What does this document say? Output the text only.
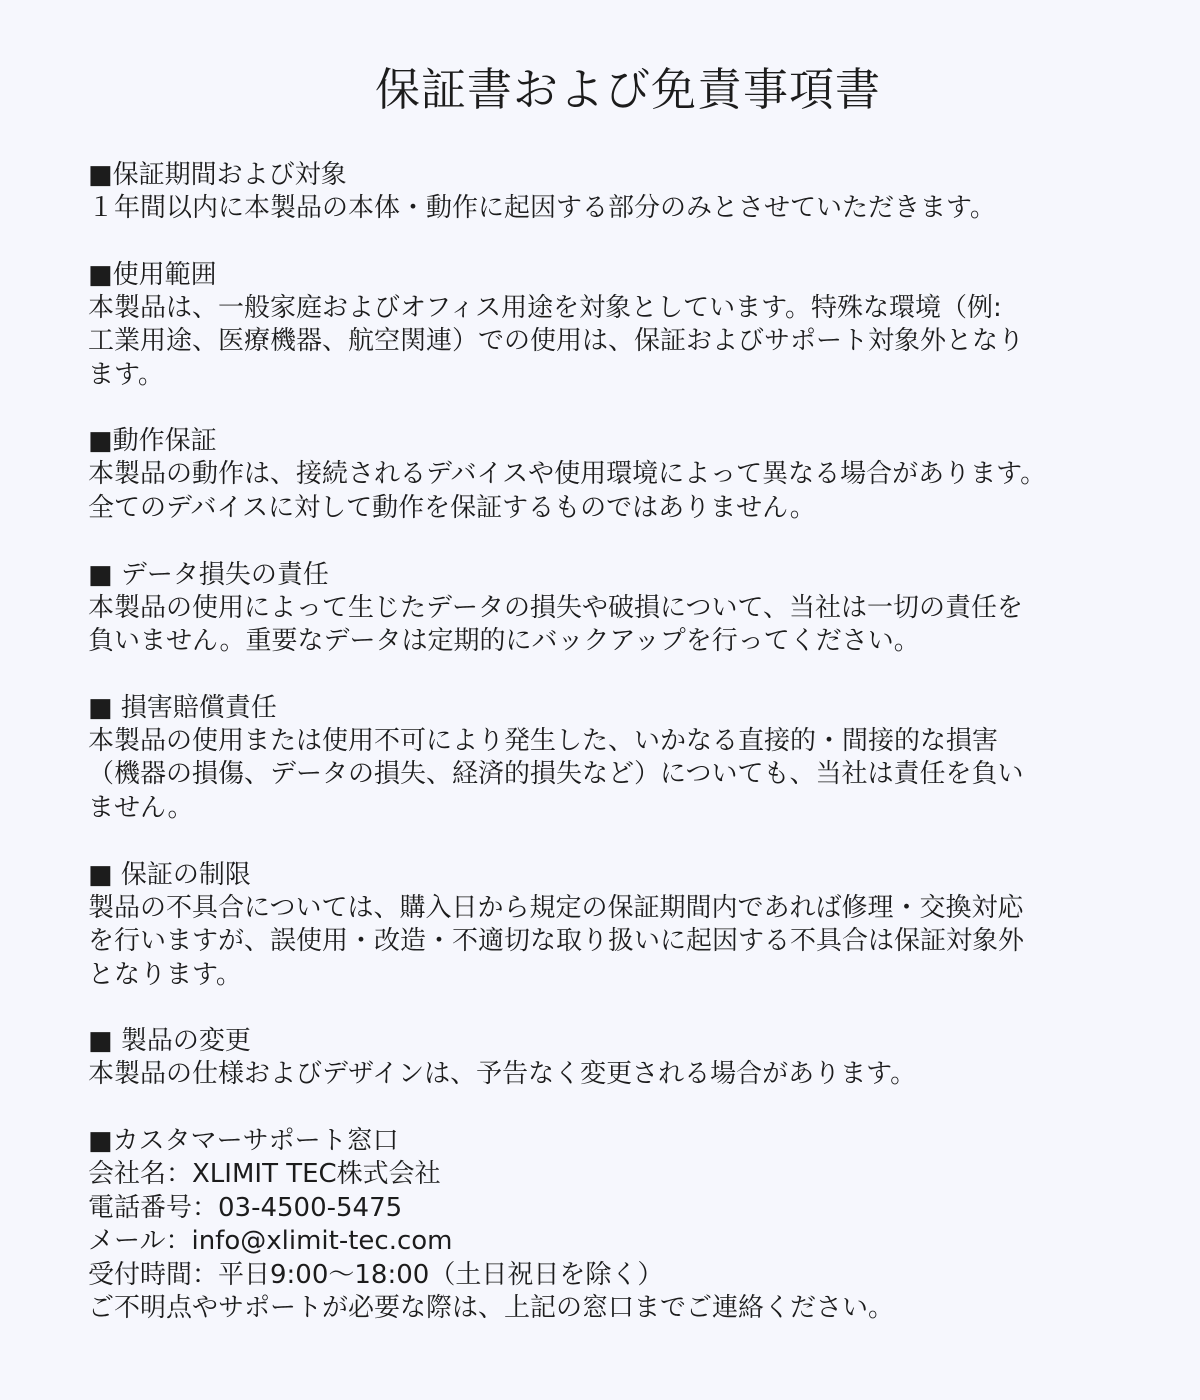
保証書および免責事項書

■保証期間および対象

１年間以内に本製品の本体・動作に起因する部分のみとさせていただきます。

■使用範囲

本製品は、一般家庭およびオフィス用途を対象としています。特殊な環境（例:

工業用途、医療機器、航空関連）での使用は、保証およびサポート対象外となり

ます。

■動作保証

本製品の動作は、接続されるデバイスや使用環境によって異なる場合があります。

全てのデバイスに対して動作を保証するものではありません。

■ データ損失の責任

本製品の使用によって生じたデータの損失や破損について、当社は一切の責任を

負いません。重要なデータは定期的にバックアップを行ってください。

■ 損害賠償責任

本製品の使用または使用不可により発生した、いかなる直接的・間接的な損害

（機器の損傷、データの損失、経済的損失など）についても、当社は責任を負い

ません。

■ 保証の制限

製品の不具合については、購入日から規定の保証期間内であれば修理・交換対応

を行いますが、誤使用・改造・不適切な取り扱いに起因する不具合は保証対象外

となります。

■ 製品の変更

本製品の仕様およびデザインは、予告なく変更される場合があります。

■カスタマーサポート窓口

会社名：XLIMIT TEC株式会社

電話番号：03-4500-5475

メール：info@xlimit-tec.com

受付時間：平日9:00～18:00（土日祝日を除く）

ご不明点やサポートが必要な際は、上記の窓口までご連絡ください。
